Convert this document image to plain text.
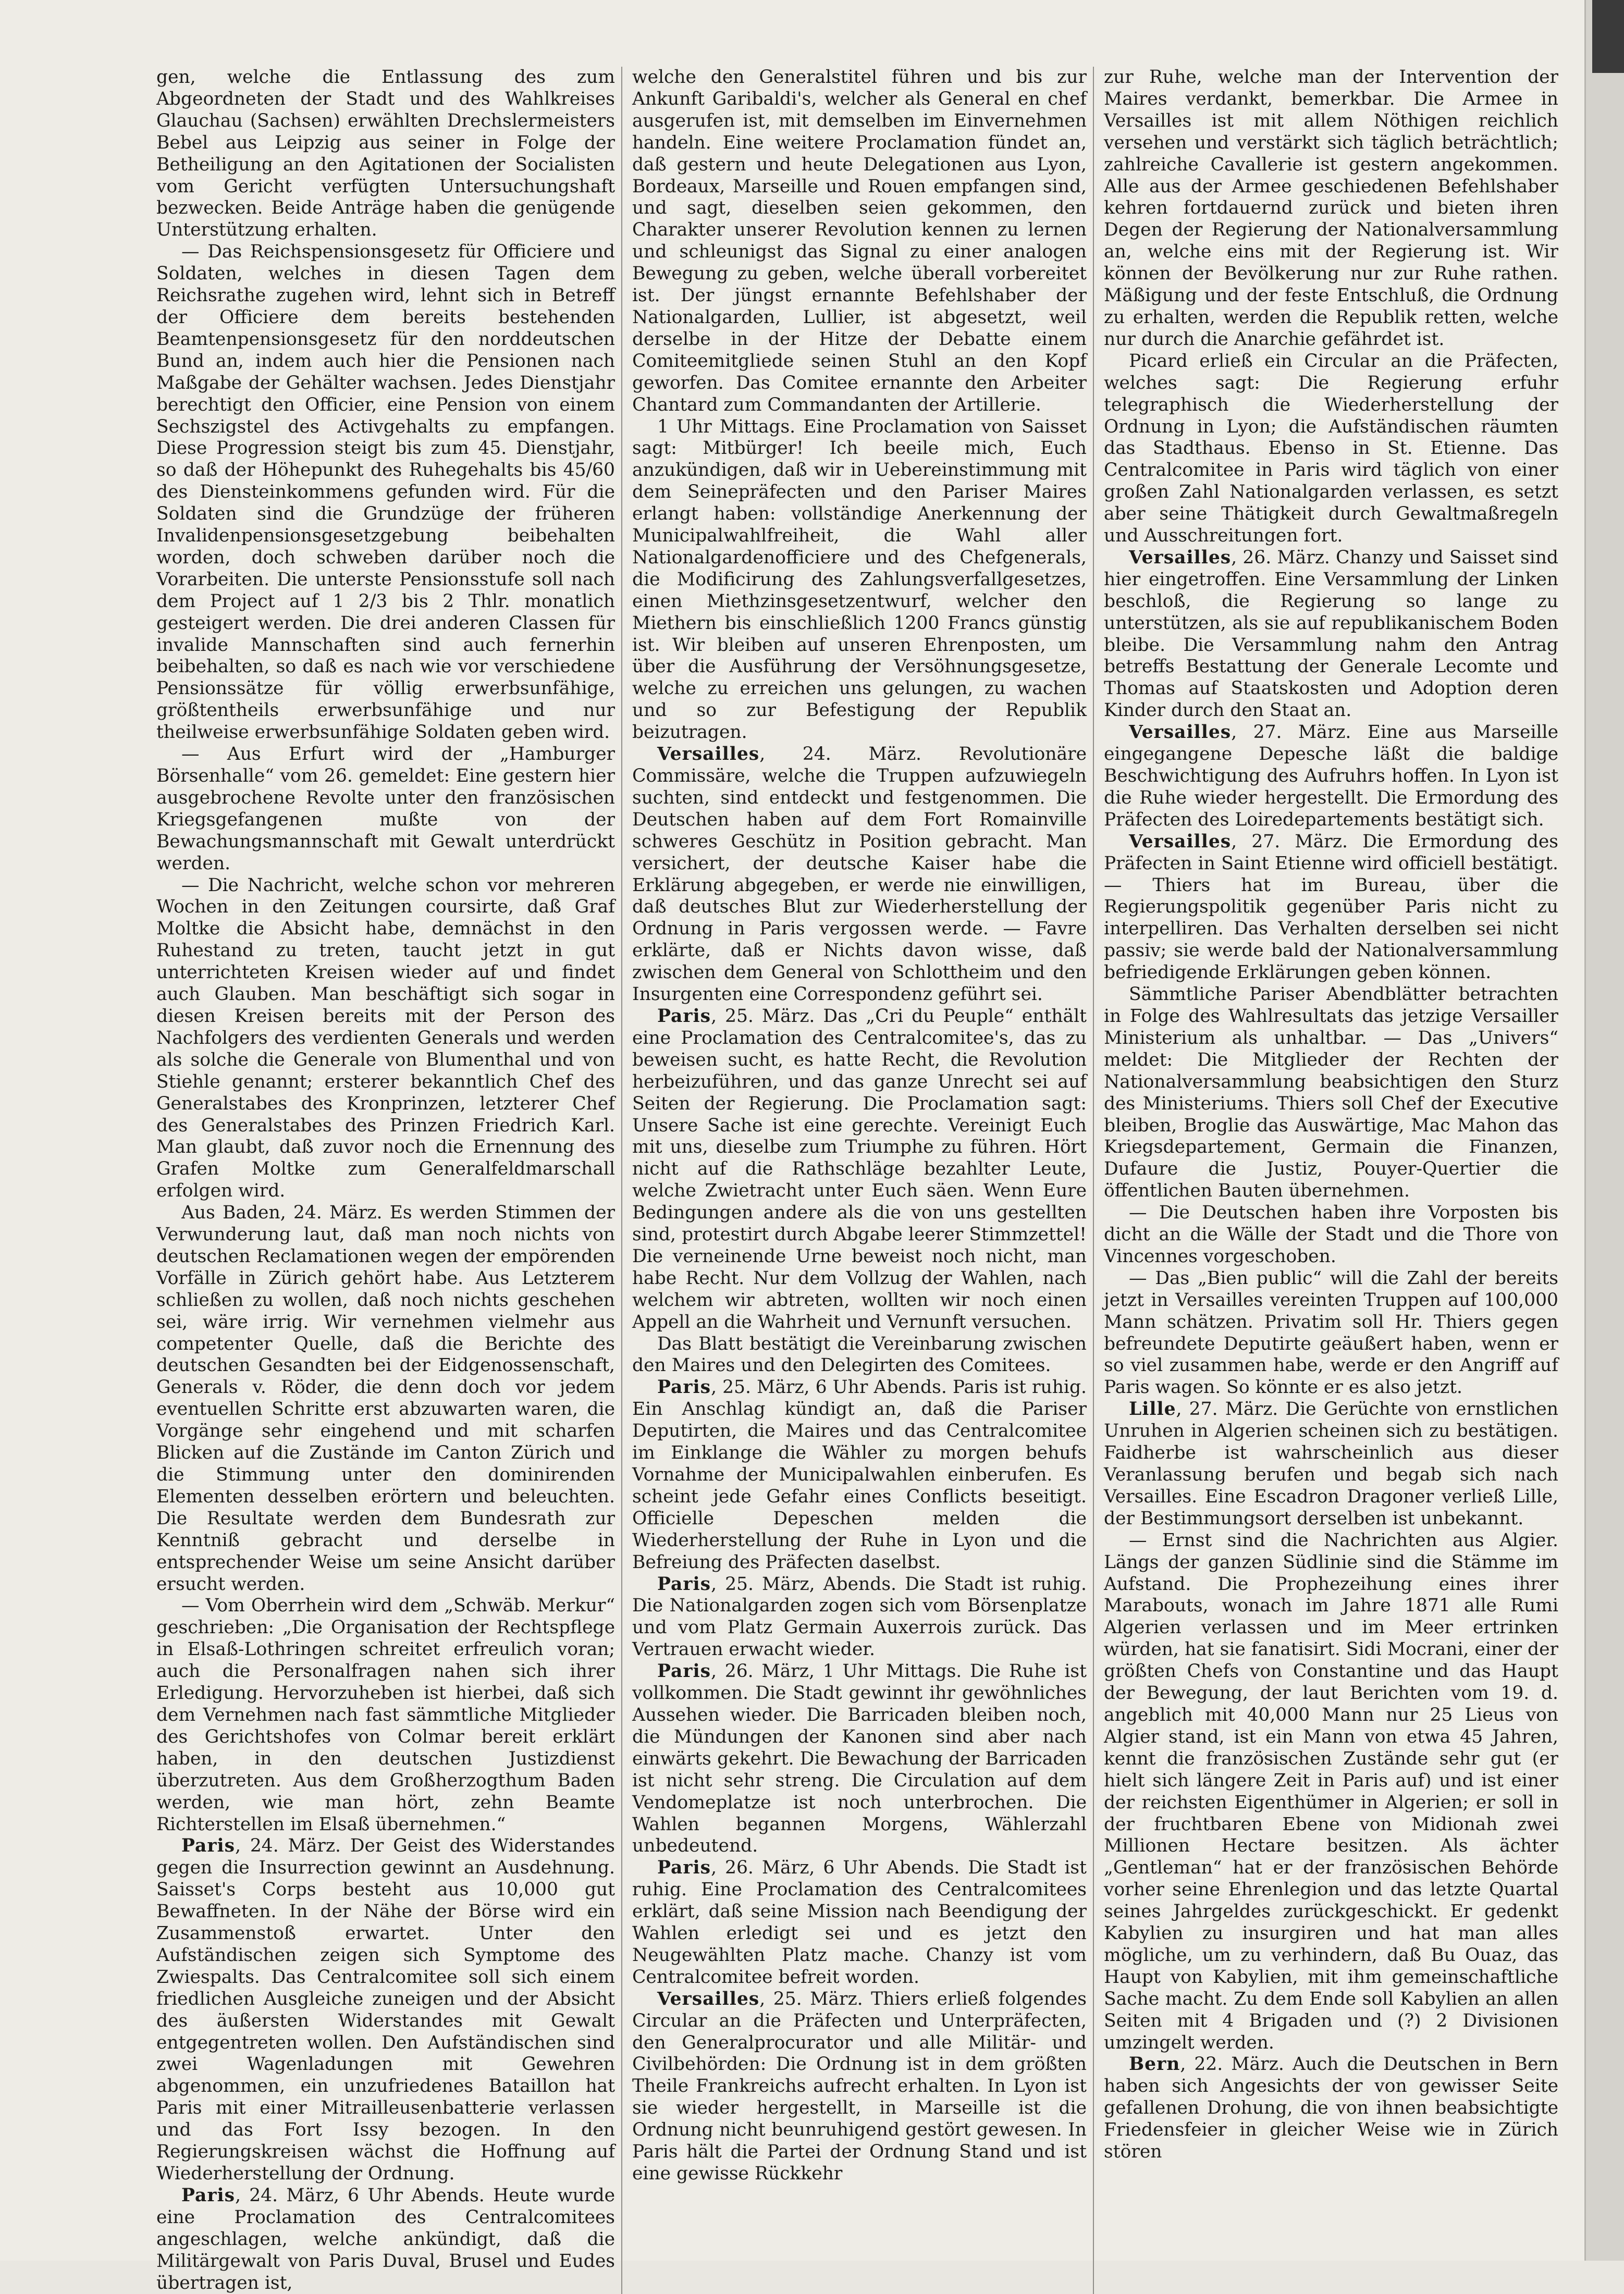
gen, welche die Entlassung des zum Abgeordneten der Stadt und des Wahlkreises Glauchau (Sachsen) erwählten Drechslermeisters Bebel aus Leipzig aus seiner in Folge der Betheiligung an den Agitationen der Socialisten vom Gericht verfügten Untersuchungshaft bezwecken. Beide Anträge haben die genügende Unterstützung erhalten.

— Das Reichspensionsgesetz für Officiere und Soldaten, welches in diesen Tagen dem Reichsrathe zugehen wird, lehnt sich in Betreff der Officiere dem bereits bestehenden Beamtenpensionsgesetz für den norddeutschen Bund an, indem auch hier die Pensionen nach Maßgabe der Gehälter wachsen. Jedes Dienstjahr berechtigt den Officier, eine Pension von einem Sechszigstel des Activgehalts zu empfangen. Diese Progression steigt bis zum 45. Dienstjahr, so daß der Höhepunkt des Ruhegehalts bis 45/60 des Diensteinkommens gefunden wird. Für die Soldaten sind die Grundzüge der früheren Invalidenpensionsgesetzgebung beibehalten worden, doch schweben darüber noch die Vorarbeiten. Die unterste Pensionsstufe soll nach dem Project auf 1 2/3 bis 2 Thlr. monatlich gesteigert werden. Die drei anderen Classen für invalide Mannschaften sind auch fernerhin beibehalten, so daß es nach wie vor verschiedene Pensionssätze für völlig erwerbsunfähige, größtentheils erwerbsunfähige und nur theilweise erwerbsunfähige Soldaten geben wird.

— Aus Erfurt wird der „Hamburger Börsenhalle“ vom 26. gemeldet: Eine gestern hier ausgebrochene Revolte unter den französischen Kriegsgefangenen mußte von der Bewachungsmannschaft mit Gewalt unterdrückt werden.

— Die Nachricht, welche schon vor mehreren Wochen in den Zeitungen coursirte, daß Graf Moltke die Absicht habe, demnächst in den Ruhestand zu treten, taucht jetzt in gut unterrichteten Kreisen wieder auf und findet auch Glauben. Man beschäftigt sich sogar in diesen Kreisen bereits mit der Person des Nachfolgers des verdienten Generals und werden als solche die Generale von Blumenthal und von Stiehle genannt; ersterer bekanntlich Chef des Generalstabes des Kronprinzen, letzterer Chef des Generalstabes des Prinzen Friedrich Karl. Man glaubt, daß zuvor noch die Ernennung des Grafen Moltke zum Generalfeldmarschall erfolgen wird.

Aus Baden, 24. März. Es werden Stimmen der Verwunderung laut, daß man noch nichts von deutschen Reclamationen wegen der empörenden Vorfälle in Zürich gehört habe. Aus Letzterem schließen zu wollen, daß noch nichts geschehen sei, wäre irrig. Wir vernehmen vielmehr aus competenter Quelle, daß die Berichte des deutschen Gesandten bei der Eidgenossenschaft, Generals v. Röder, die denn doch vor jedem eventuellen Schritte erst abzuwarten waren, die Vorgänge sehr eingehend und mit scharfen Blicken auf die Zustände im Canton Zürich und die Stimmung unter den dominirenden Elementen desselben erörtern und beleuchten. Die Resultate werden dem Bundesrath zur Kenntniß gebracht und derselbe in entsprechender Weise um seine Ansicht darüber ersucht werden.

— Vom Oberrhein wird dem „Schwäb. Merkur“ geschrieben: „Die Organisation der Rechtspflege in Elsaß-Lothringen schreitet erfreulich voran; auch die Personalfragen nahen sich ihrer Erledigung. Hervorzuheben ist hierbei, daß sich dem Vernehmen nach fast sämmtliche Mitglieder des Gerichtshofes von Colmar bereit erklärt haben, in den deutschen Justizdienst überzutreten. Aus dem Großherzogthum Baden werden, wie man hört, zehn Beamte Richterstellen im Elsaß übernehmen.“

Paris, 24. März. Der Geist des Widerstandes gegen die Insurrection gewinnt an Ausdehnung. Saisset's Corps besteht aus 10,000 gut Bewaffneten. In der Nähe der Börse wird ein Zusammenstoß erwartet. Unter den Aufständischen zeigen sich Symptome des Zwiespalts. Das Centralcomitee soll sich einem friedlichen Ausgleiche zuneigen und der Absicht des äußersten Widerstandes mit Gewalt entgegentreten wollen. Den Aufständischen sind zwei Wagenladungen mit Gewehren abgenommen, ein unzufriedenes Bataillon hat Paris mit einer Mitrailleusenbatterie verlassen und das Fort Issy bezogen. In den Regierungskreisen wächst die Hoffnung auf Wiederherstellung der Ordnung.

Paris, 24. März, 6 Uhr Abends. Heute wurde eine Proclamation des Centralcomitees angeschlagen, welche ankündigt, daß die Militärgewalt von Paris Duval, Brusel und Eudes übertragen ist,

welche den Generalstitel führen und bis zur Ankunft Garibaldi's, welcher als General en chef ausgerufen ist, mit demselben im Einvernehmen handeln. Eine weitere Proclamation fündet an, daß gestern und heute Delegationen aus Lyon, Bordeaux, Marseille und Rouen empfangen sind, und sagt, dieselben seien gekommen, den Charakter unserer Revolution kennen zu lernen und schleunigst das Signal zu einer analogen Bewegung zu geben, welche überall vorbereitet ist. Der jüngst ernannte Befehlshaber der Nationalgarden, Lullier, ist abgesetzt, weil derselbe in der Hitze der Debatte einem Comiteemitgliede seinen Stuhl an den Kopf geworfen. Das Comitee ernannte den Arbeiter Chantard zum Commandanten der Artillerie.

1 Uhr Mittags. Eine Proclamation von Saisset sagt: Mitbürger! Ich beeile mich, Euch anzukündigen, daß wir in Uebereinstimmung mit dem Seinepräfecten und den Pariser Maires erlangt haben: vollständige Anerkennung der Municipalwahlfreiheit, die Wahl aller Nationalgardenofficiere und des Chefgenerals, die Modificirung des Zahlungsverfallgesetzes, einen Miethzinsgesetzentwurf, welcher den Miethern bis einschließlich 1200 Francs günstig ist. Wir bleiben auf unseren Ehrenposten, um über die Ausführung der Versöhnungsgesetze, welche zu erreichen uns gelungen, zu wachen und so zur Befestigung der Republik beizutragen.

Versailles, 24. März. Revolutionäre Commissäre, welche die Truppen aufzuwiegeln suchten, sind entdeckt und festgenommen. Die Deutschen haben auf dem Fort Romainville schweres Geschütz in Position gebracht. Man versichert, der deutsche Kaiser habe die Erklärung abgegeben, er werde nie einwilligen, daß deutsches Blut zur Wiederherstellung der Ordnung in Paris vergossen werde. — Favre erklärte, daß er Nichts davon wisse, daß zwischen dem General von Schlottheim und den Insurgenten eine Correspondenz geführt sei.

Paris, 25. März. Das „Cri du Peuple“ enthält eine Proclamation des Centralcomitee's, das zu beweisen sucht, es hatte Recht, die Revolution herbeizuführen, und das ganze Unrecht sei auf Seiten der Regierung. Die Proclamation sagt: Unsere Sache ist eine gerechte. Vereinigt Euch mit uns, dieselbe zum Triumphe zu führen. Hört nicht auf die Rathschläge bezahlter Leute, welche Zwietracht unter Euch säen. Wenn Eure Bedingungen andere als die von uns gestellten sind, protestirt durch Abgabe leerer Stimmzettel! Die verneinende Urne beweist noch nicht, man habe Recht. Nur dem Vollzug der Wahlen, nach welchem wir abtreten, wollten wir noch einen Appell an die Wahrheit und Vernunft versuchen.

Das Blatt bestätigt die Vereinbarung zwischen den Maires und den Delegirten des Comitees.

Paris, 25. März, 6 Uhr Abends. Paris ist ruhig. Ein Anschlag kündigt an, daß die Pariser Deputirten, die Maires und das Centralcomitee im Einklange die Wähler zu morgen behufs Vornahme der Municipalwahlen einberufen. Es scheint jede Gefahr eines Conflicts beseitigt. Officielle Depeschen melden die Wiederherstellung der Ruhe in Lyon und die Befreiung des Präfecten daselbst.

Paris, 25. März, Abends. Die Stadt ist ruhig. Die Nationalgarden zogen sich vom Börsenplatze und vom Platz Germain Auxerrois zurück. Das Vertrauen erwacht wieder.

Paris, 26. März, 1 Uhr Mittags. Die Ruhe ist vollkommen. Die Stadt gewinnt ihr gewöhnliches Aussehen wieder. Die Barricaden bleiben noch, die Mündungen der Kanonen sind aber nach einwärts gekehrt. Die Bewachung der Barricaden ist nicht sehr streng. Die Circulation auf dem Vendomeplatze ist noch unterbrochen. Die Wahlen begannen Morgens, Wählerzahl unbedeutend.

Paris, 26. März, 6 Uhr Abends. Die Stadt ist ruhig. Eine Proclamation des Centralcomitees erklärt, daß seine Mission nach Beendigung der Wahlen erledigt sei und es jetzt den Neugewählten Platz mache. Chanzy ist vom Centralcomitee befreit worden.

Versailles, 25. März. Thiers erließ folgendes Circular an die Präfecten und Unterpräfecten, den Generalprocurator und alle Militär- und Civilbehörden: Die Ordnung ist in dem größten Theile Frankreichs aufrecht erhalten. In Lyon ist sie wieder hergestellt, in Marseille ist die Ordnung nicht beunruhigend gestört gewesen. In Paris hält die Partei der Ordnung Stand und ist eine gewisse Rückkehr

zur Ruhe, welche man der Intervention der Maires verdankt, bemerkbar. Die Armee in Versailles ist mit allem Nöthigen reichlich versehen und verstärkt sich täglich beträchtlich; zahlreiche Cavallerie ist gestern angekommen. Alle aus der Armee geschiedenen Befehlshaber kehren fortdauernd zurück und bieten ihren Degen der Regierung der Nationalversammlung an, welche eins mit der Regierung ist. Wir können der Bevölkerung nur zur Ruhe rathen. Mäßigung und der feste Entschluß, die Ordnung zu erhalten, werden die Republik retten, welche nur durch die Anarchie gefährdet ist.

Picard erließ ein Circular an die Präfecten, welches sagt: Die Regierung erfuhr telegraphisch die Wiederherstellung der Ordnung in Lyon; die Aufständischen räumten das Stadthaus. Ebenso in St. Etienne. Das Centralcomitee in Paris wird täglich von einer großen Zahl Nationalgarden verlassen, es setzt aber seine Thätigkeit durch Gewaltmaßregeln und Ausschreitungen fort.

Versailles, 26. März. Chanzy und Saisset sind hier eingetroffen. Eine Versammlung der Linken beschloß, die Regierung so lange zu unterstützen, als sie auf republikanischem Boden bleibe. Die Versammlung nahm den Antrag betreffs Bestattung der Generale Lecomte und Thomas auf Staatskosten und Adoption deren Kinder durch den Staat an.

Versailles, 27. März. Eine aus Marseille eingegangene Depesche läßt die baldige Beschwichtigung des Aufruhrs hoffen. In Lyon ist die Ruhe wieder hergestellt. Die Ermordung des Präfecten des Loiredepartements bestätigt sich.

Versailles, 27. März. Die Ermordung des Präfecten in Saint Etienne wird officiell bestätigt. — Thiers hat im Bureau, über die Regierungspolitik gegenüber Paris nicht zu interpelliren. Das Verhalten derselben sei nicht passiv; sie werde bald der Nationalversammlung befriedigende Erklärungen geben können.

Sämmtliche Pariser Abendblätter betrachten in Folge des Wahlresultats das jetzige Versailler Ministerium als unhaltbar. — Das „Univers“ meldet: Die Mitglieder der Rechten der Nationalversammlung beabsichtigen den Sturz des Ministeriums. Thiers soll Chef der Executive bleiben, Broglie das Auswärtige, Mac Mahon das Kriegsdepartement, Germain die Finanzen, Dufaure die Justiz, Pouyer-Quertier die öffentlichen Bauten übernehmen.

— Die Deutschen haben ihre Vorposten bis dicht an die Wälle der Stadt und die Thore von Vincennes vorgeschoben.

— Das „Bien public“ will die Zahl der bereits jetzt in Versailles vereinten Truppen auf 100,000 Mann schätzen. Privatim soll Hr. Thiers gegen befreundete Deputirte geäußert haben, wenn er so viel zusammen habe, werde er den Angriff auf Paris wagen. So könnte er es also jetzt.

Lille, 27. März. Die Gerüchte von ernstlichen Unruhen in Algerien scheinen sich zu bestätigen. Faidherbe ist wahrscheinlich aus dieser Veranlassung berufen und begab sich nach Versailles. Eine Escadron Dragoner verließ Lille, der Bestimmungsort derselben ist unbekannt.

— Ernst sind die Nachrichten aus Algier. Längs der ganzen Südlinie sind die Stämme im Aufstand. Die Prophezeihung eines ihrer Marabouts, wonach im Jahre 1871 alle Rumi Algerien verlassen und im Meer ertrinken würden, hat sie fanatisirt. Sidi Mocrani, einer der größten Chefs von Constantine und das Haupt der Bewegung, der laut Berichten vom 19. d. angeblich mit 40,000 Mann nur 25 Lieus von Algier stand, ist ein Mann von etwa 45 Jahren, kennt die französischen Zustände sehr gut (er hielt sich längere Zeit in Paris auf) und ist einer der reichsten Eigenthümer in Algerien; er soll in der fruchtbaren Ebene von Midionah zwei Millionen Hectare besitzen. Als ächter „Gentleman“ hat er der französischen Behörde vorher seine Ehrenlegion und das letzte Quartal seines Jahrgeldes zurückgeschickt. Er gedenkt Kabylien zu insurgiren und hat man alles mögliche, um zu verhindern, daß Bu Ouaz, das Haupt von Kabylien, mit ihm gemeinschaftliche Sache macht. Zu dem Ende soll Kabylien an allen Seiten mit 4 Brigaden und (?) 2 Divisionen umzingelt werden.

Bern, 22. März. Auch die Deutschen in Bern haben sich Angesichts der von gewisser Seite gefallenen Drohung, die von ihnen beabsichtigte Friedensfeier in gleicher Weise wie in Zürich stören
